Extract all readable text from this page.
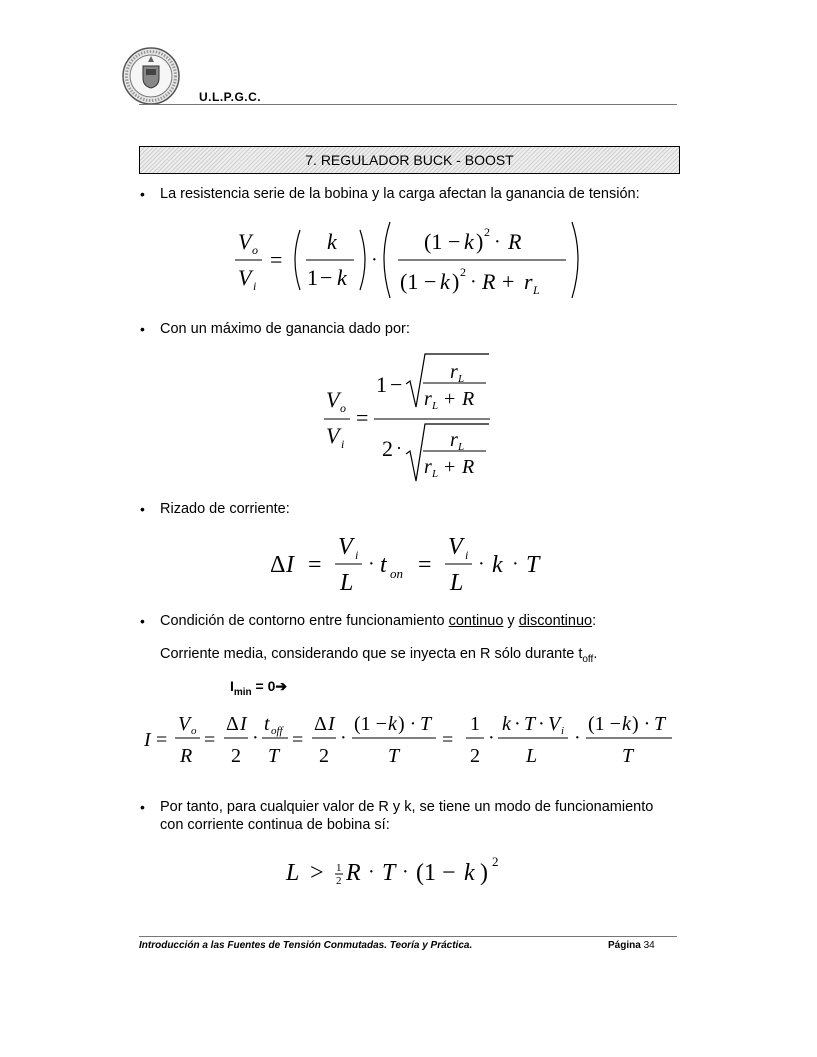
U.L.P.G.C.
7. REGULADOR BUCK - BOOST
• La resistencia serie de la bobina y la carga afectan la ganancia de tensión:
V o
V i
=
k
1 − k
·
(1 − k ) 2 · R
(1 − k ) 2 · R + r L
• Con un máximo de ganancia dado por:
V o
V i
=
1 − r L
r L + R
2 · r L
r L + R
• Rizado de corriente:
Δ I =
V i
L
· t on =
V i
L
· k · T
• Condición de contorno entre funcionamiento continuo y discontinuo:
Corriente media, considerando que se inyecta en R sólo durante $t_{off}$.
$I_{min}$ = 0➔
I =
V o
R
=
Δ I
2
·
t off
T
=
Δ I
2
·
(1 − k ) · T
T
=
1
2
·
k · T · V i
L
·
(1 − k ) · T
T
• Por tanto, para cualquier valor de R y k, se tiene un modo de funcionamiento con corriente continua de bobina sí:
L > 1
2 R · T · (1 − k ) 2
Introducción a las Fuentes de Tensión Conmutadas. Teoría y Práctica.	Página 34
